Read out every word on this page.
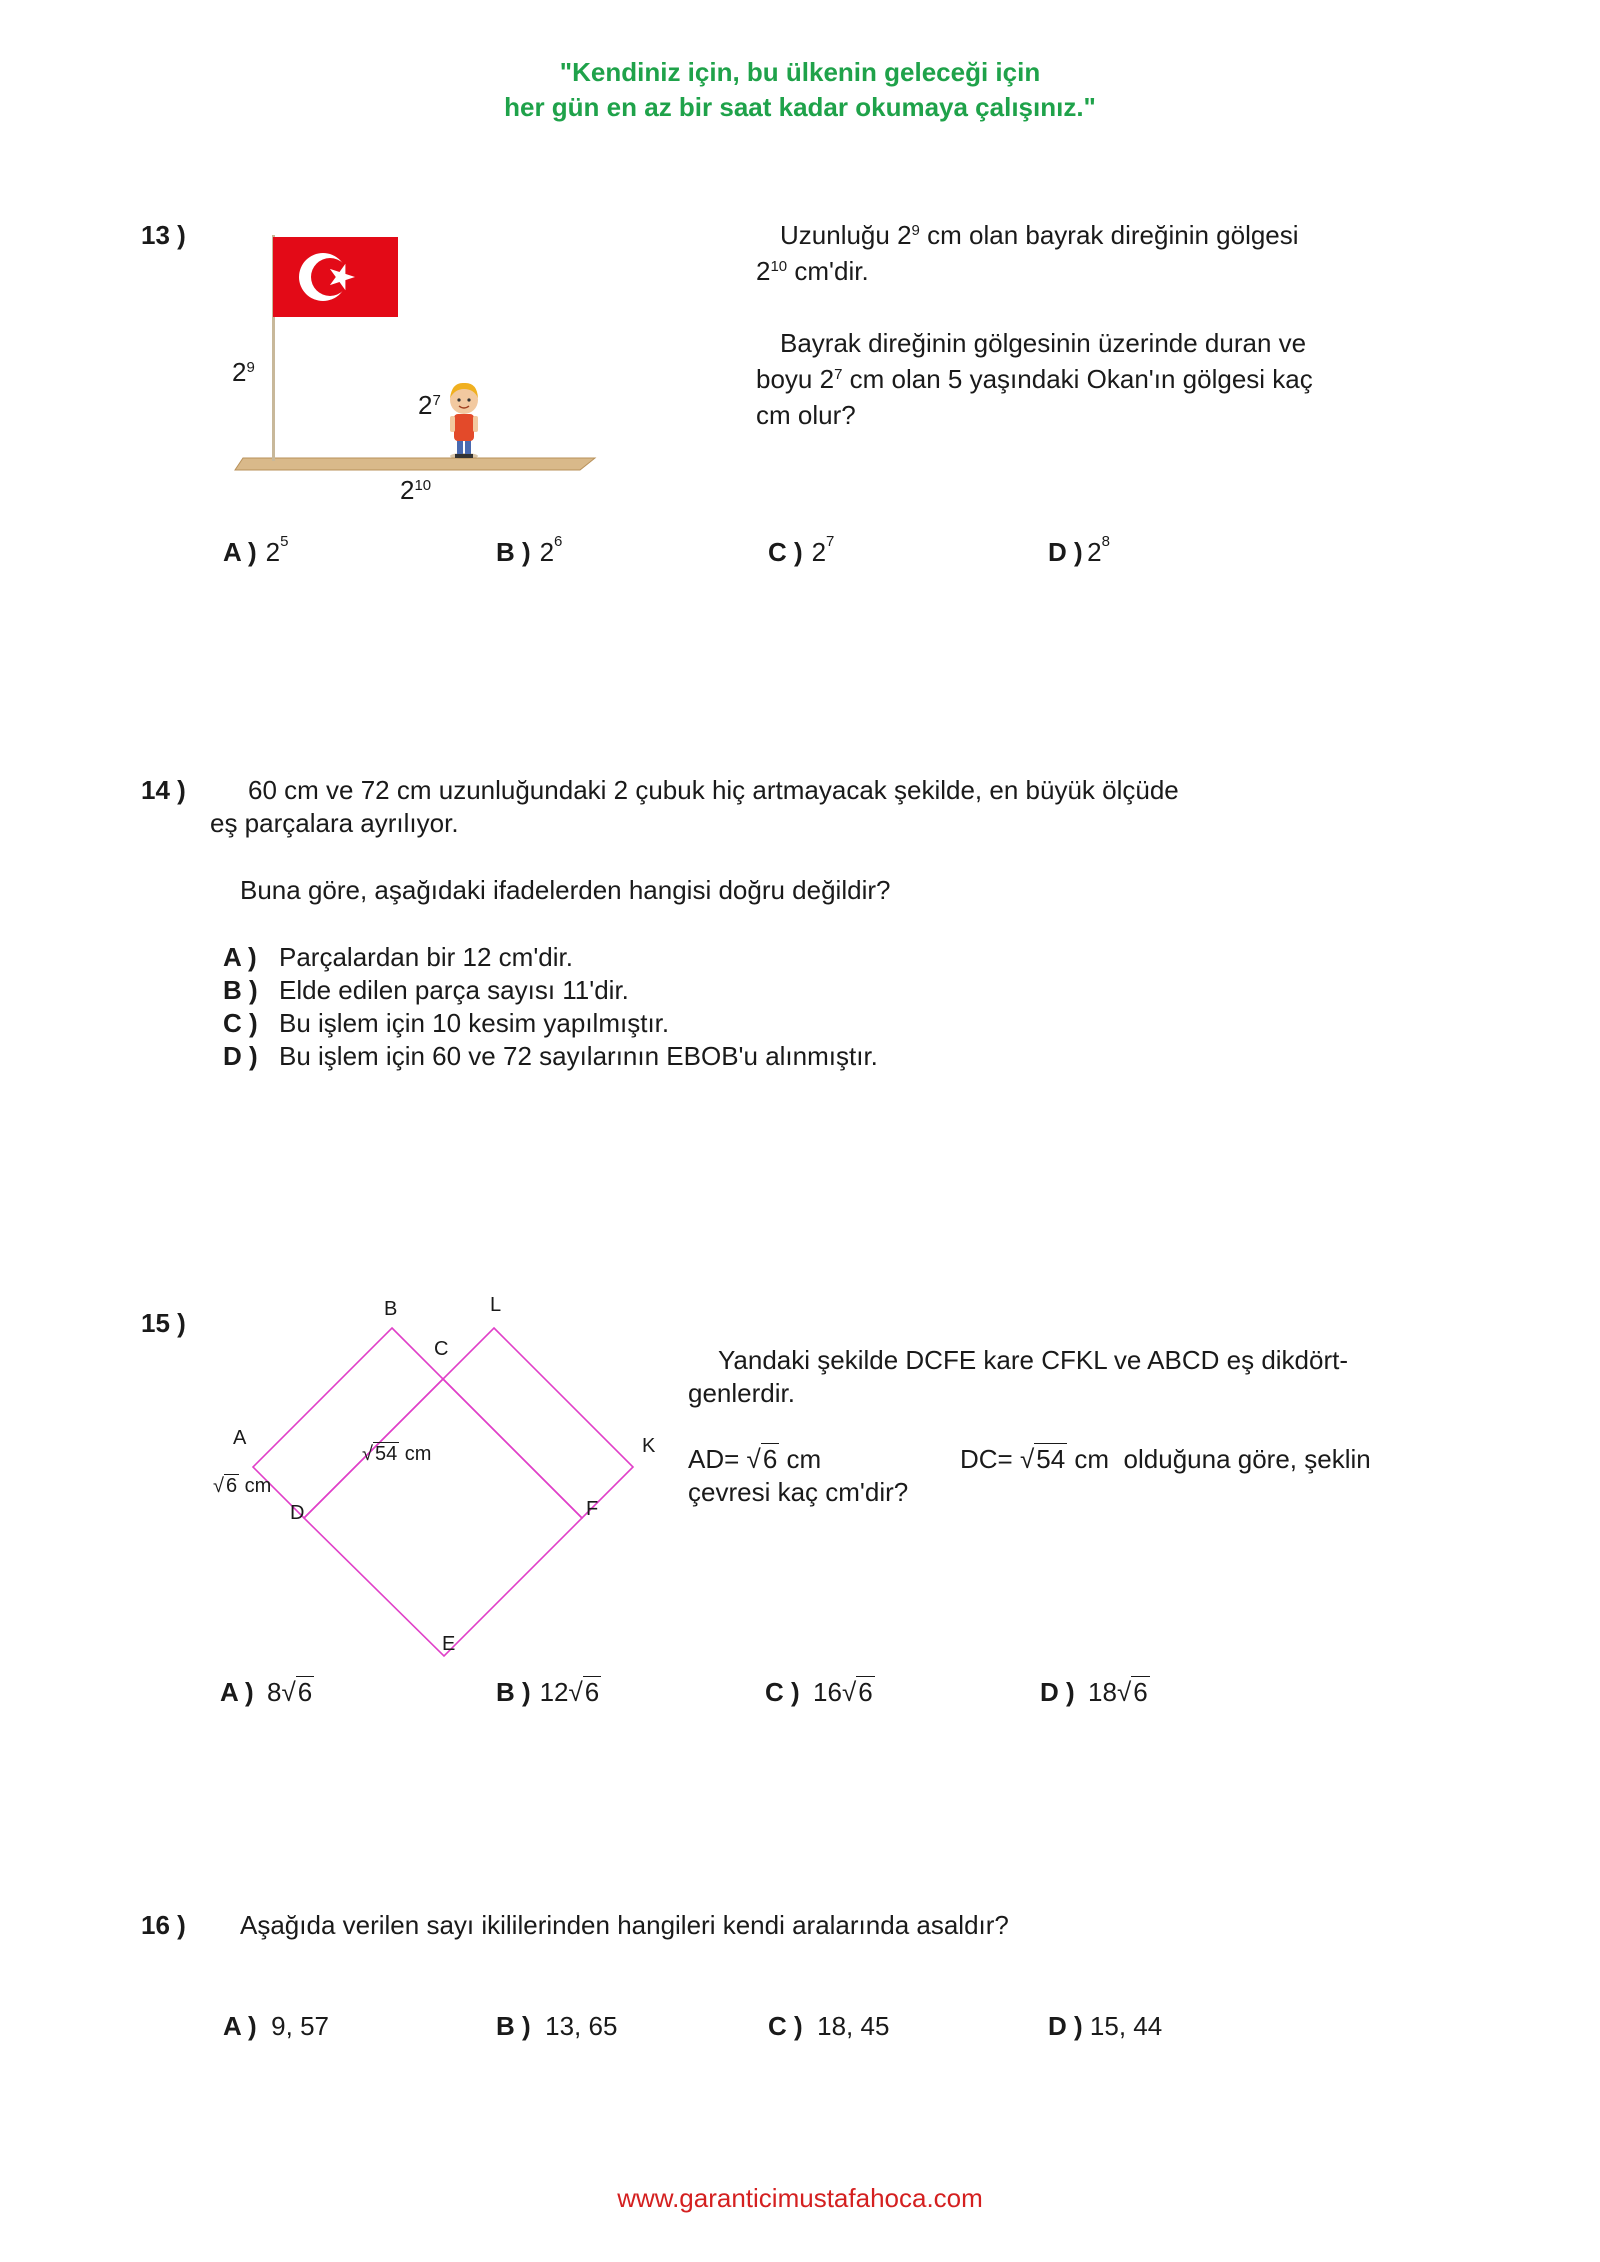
"Kendiniz için, bu ülkenin geleceği için
her gün en az bir saat kadar okumaya çalışınız."
13 )
$2^9$
$2^7$
$2^{10}$
Uzunluğu $2^9$ cm olan bayrak direğinin gölgesi
$2^{10}$ cm'dir.
Bayrak direğinin gölgesinin üzerinde duran ve
boyu $2^7$ cm olan 5 yaşındaki Okan'ın gölgesi kaç
cm olur?
A ) $2^5$	B ) $2^6$	C ) $2^7$	D ) $2^8$
14 ) 60 cm ve 72 cm uzunluğundaki 2 çubuk hiç artmayacak şekilde, en büyük ölçüde
eş parçalara ayrılıyor.
Buna göre, aşağıdaki ifadelerden hangisi doğru değildir?
A ) Parçalardan bir 12 cm'dir.
B ) Elde edilen parça sayısı 11'dir.
C ) Bu işlem için 10 kesim yapılmıştır.
D ) Bu işlem için 60 ve 72 sayılarının EBOB'u alınmıştır.
15 )	B	L
C
A	K
D	F
E
√ 54 cm
√ 6 cm
Yandaki şekilde DCFE kare CFKL ve ABCD eş dikdört-
genlerdir.
AD= √6 cm	DC= √54 cm olduğuna göre, şeklin
çevresi kaç cm'dir?
A ) 8√6	B ) 12√6	C ) 16√6	D ) 18√6
16 ) Aşağıda verilen sayı ikililerinden hangileri kendi aralarında asaldır?
A ) 9, 57	B ) 13, 65	C ) 18, 45	D ) 15, 44
www.garanticimustafahoca.com
